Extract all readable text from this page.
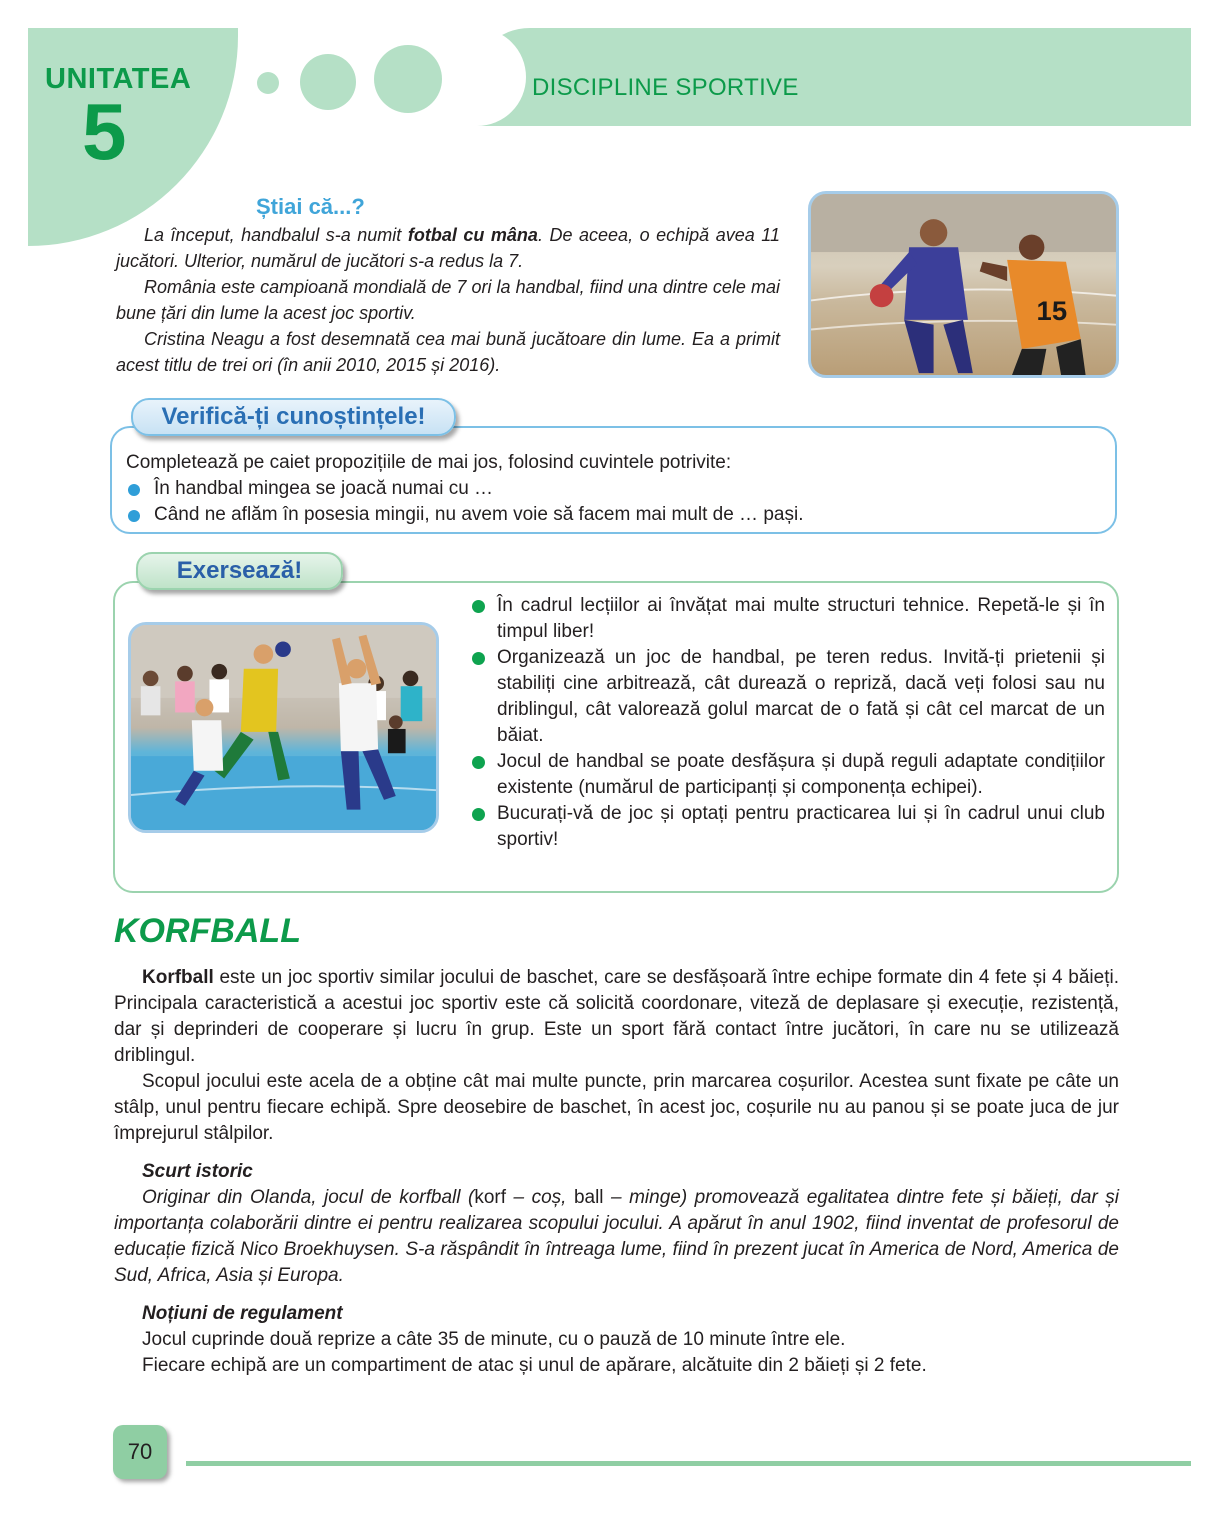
UNITATEA
5	DISCIPLINE SPORTIVE
Știai că...?

La început, handbalul s-a numit fotbal cu mâna. De aceea, o echipă avea 11 jucători. Ulterior, numărul de jucători s-a redus la 7.

România este campioană mondială de 7 ori la handbal, fiind una dintre cele mai bune țări din lume la acest joc sportiv.

Cristina Neagu a fost desemnată cea mai bună jucătoare din lume. Ea a primit acest titlu de trei ori (în anii 2010, 2015 și 2016).

15
Verifică-ți cunoștințele!
Completează pe caiet propozițiile de mai jos, folosind cuvintele potrivite:
În handbal mingea se joacă numai cu …
Când ne aflăm în posesia mingii, nu avem voie să facem mai mult de … pași.
Exersează!
În cadrul lecțiilor ai învățat mai multe structuri tehnice. Repetă-le și în timpul liber!
Organizează un joc de handbal, pe teren redus. Invită-ți prietenii și stabiliți cine arbitrează, cât durează o repriză, dacă veți folosi sau nu driblingul, cât valorează golul marcat de o fată și cât cel marcat de un băiat.
Jocul de handbal se poate desfășura și după reguli adaptate condițiilor existente (numărul de participanți și componența echipei).
Bucurați-vă de joc și optați pentru practicarea lui și în cadrul unui club sportiv!
KORFBALL

Korfball este un joc sportiv similar jocului de baschet, care se desfășoară între echipe formate din 4 fete și 4 băieți. Principala caracteristică a acestui joc sportiv este că solicită coordonare, viteză de deplasare și execuție, rezistență, dar și deprinderi de cooperare și lucru în grup. Este un sport fără contact între jucători, în care nu se utilizează driblingul.

Scopul jocului este acela de a obține cât mai multe puncte, prin marcarea coșurilor. Acestea sunt fixate pe câte un stâlp, unul pentru fiecare echipă. Spre deosebire de baschet, în acest joc, coșurile nu au panou și se poate juca de jur împrejurul stâlpilor.

Scurt istoric

Originar din Olanda, jocul de korfball (korf – coș, ball – minge) promovează egalitatea dintre fete și băieți, dar și importanța colaborării dintre ei pentru realizarea scopului jocului. A apărut în anul 1902, fiind inventat de profesorul de educație fizică Nico Broekhuysen. S-a răspândit în întreaga lume, fiind în prezent jucat în America de Nord, America de Sud, Africa, Asia și Europa.

Noțiuni de regulament

Jocul cuprinde două reprize a câte 35 de minute, cu o pauză de 10 minute între ele.

Fiecare echipă are un compartiment de atac și unul de apărare, alcătuite din 2 băieți și 2 fete.

70
